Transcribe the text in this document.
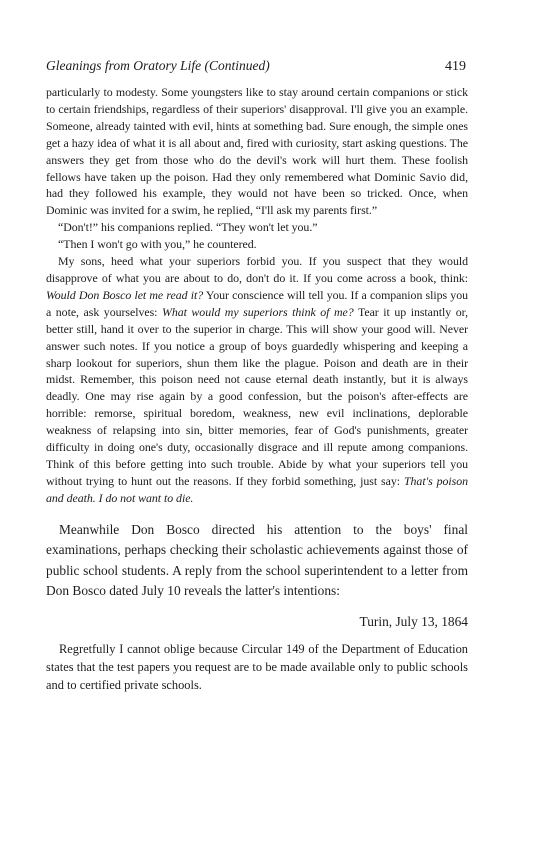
Gleanings from Oratory Life (Continued)	419

particularly to modesty. Some youngsters like to stay around certain companions or stick to certain friendships, regardless of their superiors' disapproval. I'll give you an example. Someone, already tainted with evil, hints at something bad. Sure enough, the simple ones get a hazy idea of what it is all about and, fired with curiosity, start asking questions. The answers they get from those who do the devil's work will hurt them. These foolish fellows have taken up the poison. Had they only remembered what Dominic Savio did, had they followed his example, they would not have been so tricked. Once, when Dominic was invited for a swim, he replied, “I'll ask my parents first.”

“Don't!” his companions replied. “They won't let you.”

“Then I won't go with you,” he countered.

My sons, heed what your superiors forbid you. If you suspect that they would disapprove of what you are about to do, don't do it. If you come across a book, think: Would Don Bosco let me read it? Your conscience will tell you. If a companion slips you a note, ask yourselves: What would my superiors think of me? Tear it up instantly or, better still, hand it over to the superior in charge. This will show your good will. Never answer such notes. If you notice a group of boys guardedly whispering and keeping a sharp lookout for superiors, shun them like the plague. Poison and death are in their midst. Remember, this poison need not cause eternal death instantly, but it is always deadly. One may rise again by a good confession, but the poison's after-effects are horrible: remorse, spiritual boredom, weakness, new evil inclinations, deplorable weakness of relapsing into sin, bitter memories, fear of God's punishments, greater difficulty in doing one's duty, occasionally disgrace and ill repute among companions. Think of this before getting into such trouble. Abide by what your superiors tell you without trying to hunt out the reasons. If they forbid something, just say: That's poison and death. I do not want to die.

Meanwhile Don Bosco directed his attention to the boys' final examinations, perhaps checking their scholastic achievements against those of public school students. A reply from the school superintendent to a letter from Don Bosco dated July 10 reveals the latter's intentions:

Turin, July 13, 1864

Regretfully I cannot oblige because Circular 149 of the Department of Education states that the test papers you request are to be made available only to public schools and to certified private schools.
